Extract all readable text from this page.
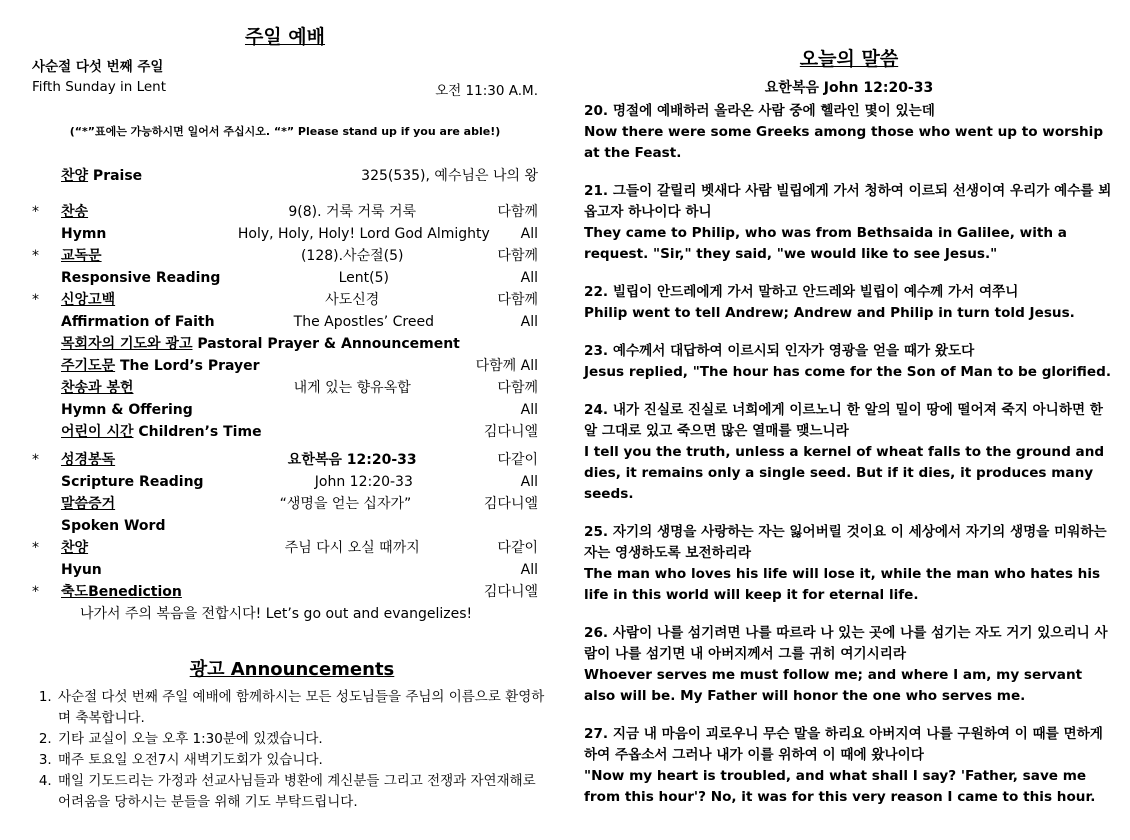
주일 예배
사순절 다섯 번째 주일
Fifth Sunday in Lent	오전 11:30 A.M.
(“*”표에는 가능하시면 일어서 주십시오. “*” Please stand up if you are able!)
찬양 Praise	325(535), 예수님은 나의 왕
*	찬송	9(8). 거룩 거룩 거룩	다함께
Hymn	Holy, Holy, Holy! Lord God Almighty	All
*	교독문	(128).사순절(5)	다함께
Responsive Reading	Lent(5)	All
*	신앙고백	사도신경	다함께
Affirmation of Faith	The Apostles’ Creed	All
목회자의 기도와 광고 Pastoral Prayer & Announcement
주기도문 The Lord’s Prayer	다함께 All
찬송과 봉헌	내게 있는 향유옥합	다함께
Hymn & Offering	All
어린이 시간 Children’s Time	김다니엘
*	성경봉독	요한복음 12:20-33	다같이
Scripture Reading	John 12:20-33	All
말씀증거	“생명을 얻는 십자가”	김다니엘
Spoken Word
*	찬양	주님 다시 오실 때까지	다같이
Hyun	All
*	축도Benediction	김다니엘
나가서 주의 복음을 전합시다! Let’s go out and evangelizes!
광고 Announcements
1. 사순절 다섯 번째 주일 예배에 함께하시는 모든 성도님들을 주님의 이름으로 환영하며 축복합니다.
2. 기타 교실이 오늘 오후 1:30분에 있겠습니다.
3. 매주 토요일 오전7시 새벽기도회가 있습니다.
4. 매일 기도드리는 가정과 선교사님들과 병환에 계신분들 그리고 전쟁과 자연재해로 어려움을 당하시는 분들을 위해 기도 부탁드립니다.
오늘의 말씀
요한복음 John 12:20-33
20. 명절에 예배하러 올라온 사람 중에 헬라인 몇이 있는데
Now there were some Greeks among those who went up to worship at the Feast.
21. 그들이 갈릴리 벳새다 사람 빌립에게 가서 청하여 이르되 선생이여 우리가 예수를 뵈옵고자 하나이다 하니
They came to Philip, who was from Bethsaida in Galilee, with a request. "Sir," they said, "we would like to see Jesus."
22. 빌립이 안드레에게 가서 말하고 안드레와 빌립이 예수께 가서 여쭈니
Philip went to tell Andrew; Andrew and Philip in turn told Jesus.
23. 예수께서 대답하여 이르시되 인자가 영광을 얻을 때가 왔도다
Jesus replied, "The hour has come for the Son of Man to be glorified.
24. 내가 진실로 진실로 너희에게 이르노니 한 알의 밀이 땅에 떨어져 죽지 아니하면 한 알 그대로 있고 죽으면 많은 열매를 맺느니라
I tell you the truth, unless a kernel of wheat falls to the ground and dies, it remains only a single seed. But if it dies, it produces many seeds.
25. 자기의 생명을 사랑하는 자는 잃어버릴 것이요 이 세상에서 자기의 생명을 미워하는 자는 영생하도록 보전하리라
The man who loves his life will lose it, while the man who hates his life in this world will keep it for eternal life.
26. 사람이 나를 섬기려면 나를 따르라 나 있는 곳에 나를 섬기는 자도 거기 있으리니 사람이 나를 섬기면 내 아버지께서 그를 귀히 여기시리라
Whoever serves me must follow me; and where I am, my servant also will be. My Father will honor the one who serves me.
27. 지금 내 마음이 괴로우니 무슨 말을 하리요 아버지여 나를 구원하여 이 때를 면하게 하여 주옵소서 그러나 내가 이를 위하여 이 때에 왔나이다
"Now my heart is troubled, and what shall I say? 'Father, save me from this hour'? No, it was for this very reason I came to this hour.
